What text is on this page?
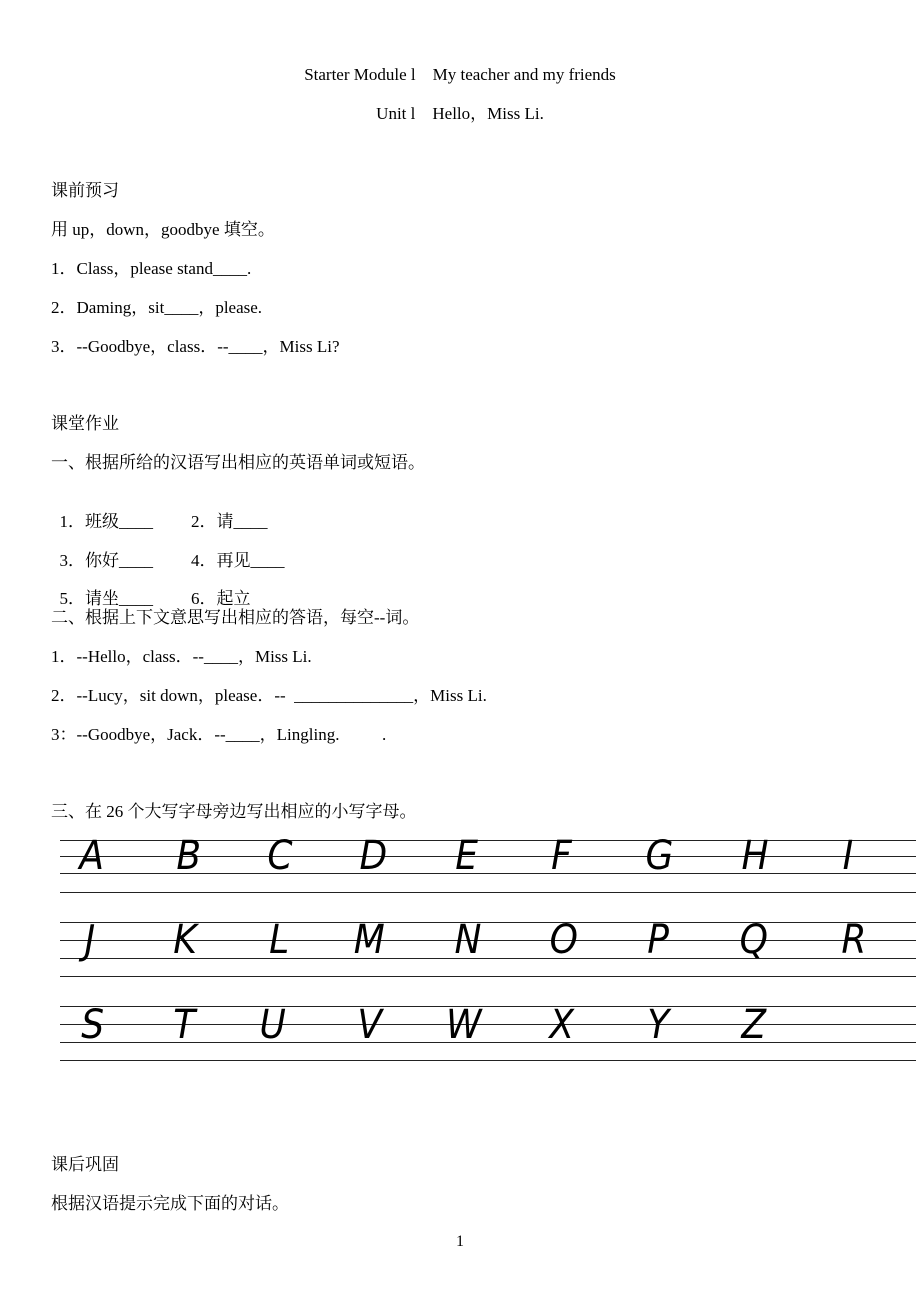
Starter Module l    My teacher and my friends
Unit l    Hello，Miss Li.
课前预习
用 up，down，goodbye 填空。
1．Class，please stand____.
2．Daming，sit____，please.
3．--Goodbye，class．--____，Miss Li?
课堂作业
一、根据所给的汉语写出相应的英语单词或短语。

1．班级____ 2．请____

3．你好____ 4．再见____

5．请坐____ 6．起立

二、根据上下文意思写出相应的答语，每空--词。
1．--Hello，class．--____，Miss Li.
2．--Lucy，sit down，please．--  ______________，Miss Li.
3：--Goodbye，Jack．--____，Lingling.          .
三、在 26 个大写字母旁边写出相应的小写字母。
A B C D E F G H I
J K L M N O P Q R
S T U V W X Y Z
课后巩固
根据汉语提示完成下面的对话。
1
